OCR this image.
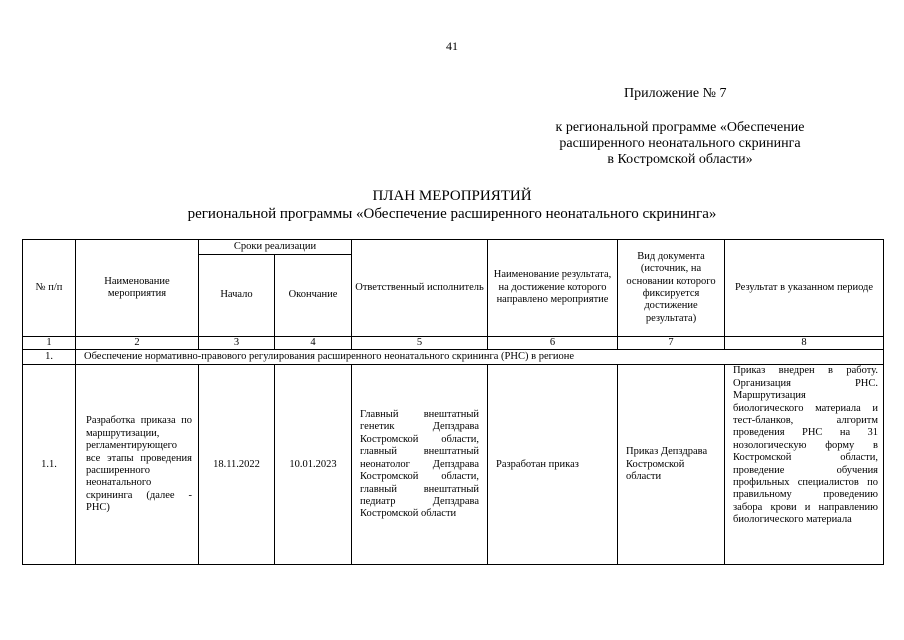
41
Приложение № 7
к региональной программе «Обеспечение
расширенного неонатального скрининга
в Костромской области»
ПЛАН МЕРОПРИЯТИЙ
региональной программы «Обеспечение расширенного неонатального скрининга»
№ п/п	Наименование мероприятия	Сроки реализации		Ответственный исполнитель	Наименование результата, на достижение которого направлено мероприятие	Вид документа (источник, на основании которого фиксируется достижение результата)	Результат в указанном периоде
		Начало	Окончание				
1	2	3	4	5	6	7	8
1.	Обеспечение нормативно-правового регулирования расширенного неонатального скрининга (РНС) в регионе						
1.1.	Разработка приказа по маршрутизации, регламентирующего все этапы проведения расширенного неонатального скрининга (далее - РНС)	18.11.2022	10.01.2023	Главный внештатный генетик Депздрава Костромской области, главный внештатный неонатолог Депздрава Костромской области, главный внештатный педиатр Депздрава Костромской области	Разработан приказ	Приказ Депздрава Костромской области	Приказ внедрен в работу. Организация РНС. Маршрутизация биологического материала и тест-бланков, алгоритм проведения РНС на 31 нозологическую форму в Костромской области, проведение обучения профильных специалистов по правильному проведению забора крови и направлению биологического материала
